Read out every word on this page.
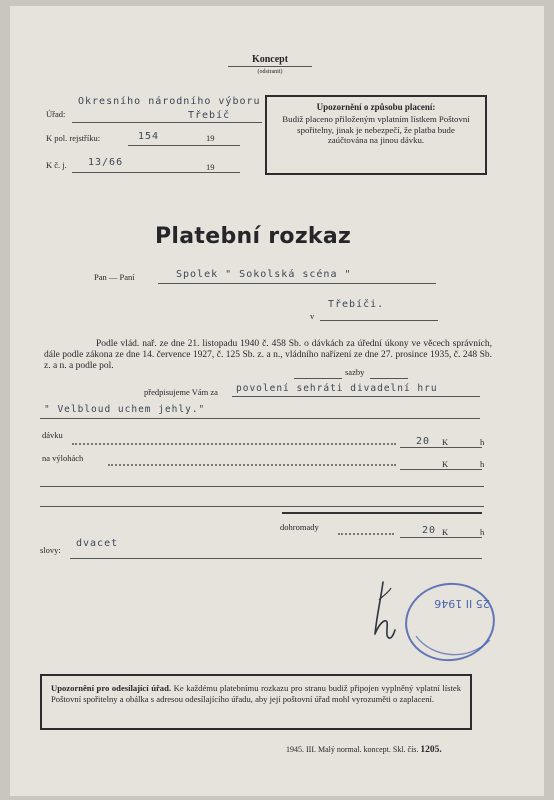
Koncept
(odstranit)
Úřad:
Okresního národního výboru
Třebíč
K pol. rejstříku:	154	19
K č. j. 13/66	19
Upozornění o způsobu placení:
Budiž placeno přiloženým vplatním lístkem Poštovní spořitelny, jinak je nebezpečí, že platba bude zaúčtována na jinou dávku.
Platební rozkaz
Pan — Paní	Spolek " Sokolská scéna "
v
Třebíči.
Podle vlád. nař. ze dne 21. listopadu 1940 č. 458 Sb. o dávkách za úřední úkony ve věcech správních, dále podle zákona ze dne 14. července 1927, č. 125 Sb. z. a n., vládního nařízení ze dne 27. prosince 1935, č. 248 Sb. z. a n. a podle pol.
sazby
předpisujeme Vám za povolení sehráti divadelní hru
" Velbloud uchem jehly."
dávku
20 K	h
na výlohách
K	h
dohromady	20 K	h
slovy:
dvacet
25 II 1946
Upozornění pro odesílající úřad. Ke každému platebnímu rozkazu pro stranu budiž připojen vyplněný vplatní lístek Poštovní spořitelny a obálka s adresou odesílajícího úřadu, aby její poštovní úřad mohl vyrozuměti o zaplacení.
1945. III. Malý normal. koncept. Skl. čís. 1205.
